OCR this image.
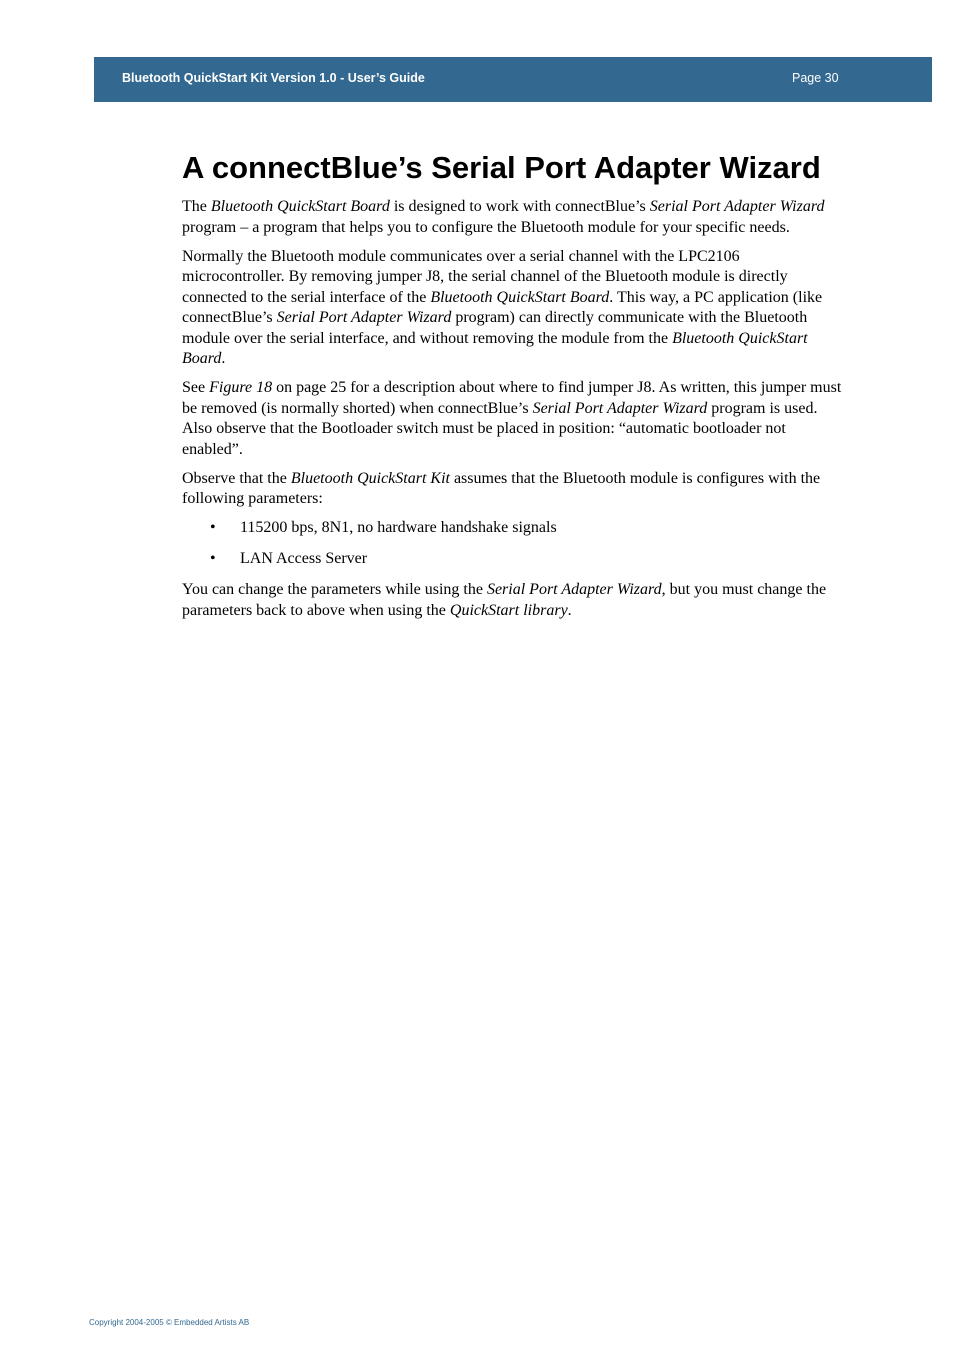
Bluetooth QuickStart Kit Version 1.0 - User’s Guide	Page 30
A connectBlue’s Serial Port Adapter Wizard

The Bluetooth QuickStart Board is designed to work with connectBlue’s Serial Port Adapter Wizard program – a program that helps you to configure the Bluetooth module for your specific needs.

Normally the Bluetooth module communicates over a serial channel with the LPC2106 microcontroller. By removing jumper J8, the serial channel of the Bluetooth module is directly connected to the serial interface of the Bluetooth QuickStart Board. This way, a PC application (like connectBlue’s Serial Port Adapter Wizard program) can directly communicate with the Bluetooth module over the serial interface, and without removing the module from the Bluetooth QuickStart Board.

See Figure 18 on page 25 for a description about where to find jumper J8. As written, this jumper must be removed (is normally shorted) when connectBlue’s Serial Port Adapter Wizard program is used. Also observe that the Bootloader switch must be placed in position: “automatic bootloader not enabled”.

Observe that the Bluetooth QuickStart Kit assumes that the Bluetooth module is configures with the following parameters:

• 115200 bps, 8N1, no hardware handshake signals
• LAN Access Server

You can change the parameters while using the Serial Port Adapter Wizard, but you must change the parameters back to above when using the QuickStart library.

Copyright 2004-2005 © Embedded Artists AB
